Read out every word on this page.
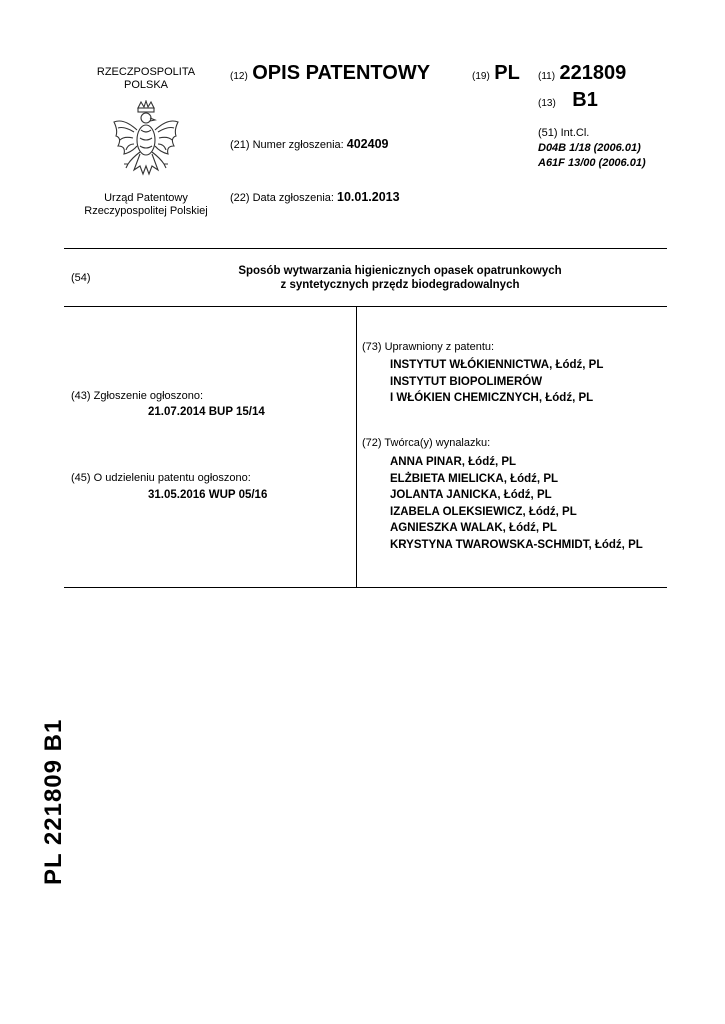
RZECZPOSPOLITA
POLSKA
Urząd Patentowy
Rzeczypospolitej Polskiej
(12) OPIS PATENTOWY	(19) PL (11) 221809
(13) B1
(51) Int.Cl.
D04B 1/18 (2006.01)
A61F 13/00 (2006.01)
(21) Numer zgłoszenia: 402409
(22) Data zgłoszenia: 10.01.2013
(54)
Sposób wytwarzania higienicznych opasek opatrunkowych
z syntetycznych przędz biodegradowalnych
(43) Zgłoszenie ogłoszono:
21.07.2014 BUP 15/14
(45) O udzieleniu patentu ogłoszono:
31.05.2016 WUP 05/16
(73) Uprawniony z patentu:
INSTYTUT WŁÓKIENNICTWA, Łódź, PL
INSTYTUT BIOPOLIMERÓW
I WŁÓKIEN CHEMICZNYCH, Łódź, PL
(72) Twórca(y) wynalazku:
ANNA PINAR, Łódź, PL
ELŻBIETA MIELICKA, Łódź, PL
JOLANTA JANICKA, Łódź, PL
IZABELA OLEKSIEWICZ, Łódź, PL
AGNIESZKA WALAK, Łódź, PL
KRYSTYNA TWAROWSKA-SCHMIDT, Łódź, PL
PL 221809 B1
